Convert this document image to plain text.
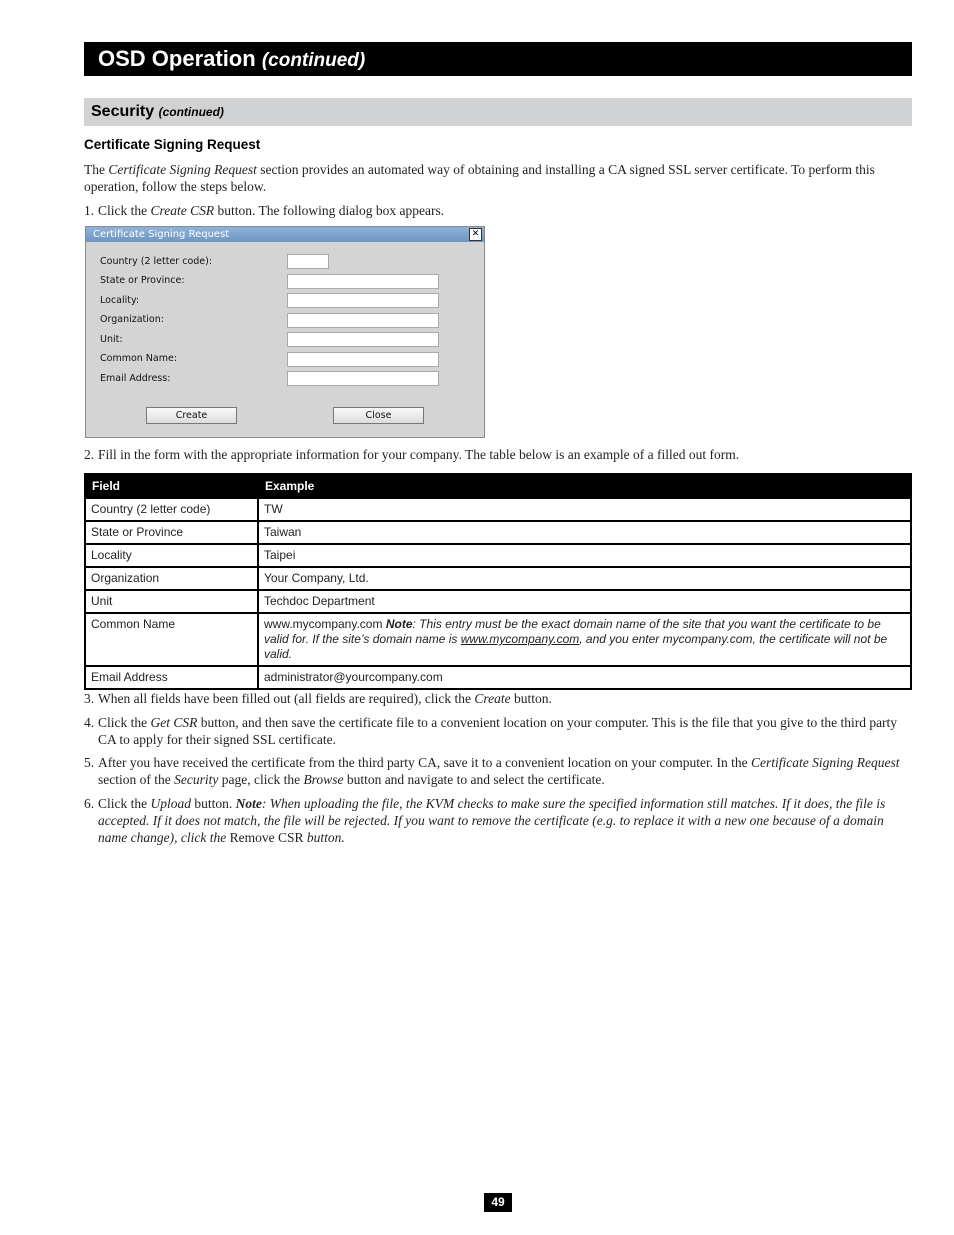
OSD Operation (continued)
Security (continued)
Certificate Signing Request
The Certificate Signing Request section provides an automated way of obtaining and installing a CA signed SSL server certificate. To perform this operation, follow the steps below.
1. Click the Create CSR button. The following dialog box appears.
Certificate Signing Request	✕
Country (2 letter code):
State or Province:
Locality:
Organization:
Unit:
Common Name:
Email Address:
Create	Close
2. Fill in the form with the appropriate information for your company. The table below is an example of a filled out form.
Field	Example
Country (2 letter code)	TW
State or Province	Taiwan
Locality	Taipei
Organization	Your Company, Ltd.
Unit	Techdoc Department
Common Name	www.mycompany.com Note: This entry must be the exact domain name of the site that you want the certificate to be valid for. If the site’s domain name is www.mycompany.com, and you enter mycompany.com, the certificate will not be valid.
Email Address	administrator@yourcompany.com
3. When all fields have been filled out (all fields are required), click the Create button.
4. Click the Get CSR button, and then save the certificate file to a convenient location on your computer. This is the file that you give to the third party CA to apply for their signed SSL certificate.
5. After you have received the certificate from the third party CA, save it to a convenient location on your computer. In the Certificate Signing Request section of the Security page, click the Browse button and navigate to and select the certificate.
6. Click the Upload button. Note: When uploading the file, the KVM checks to make sure the specified information still matches. If it does, the file is accepted. If it does not match, the file will be rejected. If you want to remove the certificate (e.g. to replace it with a new one because of a domain name change), click the Remove CSR button.
49
